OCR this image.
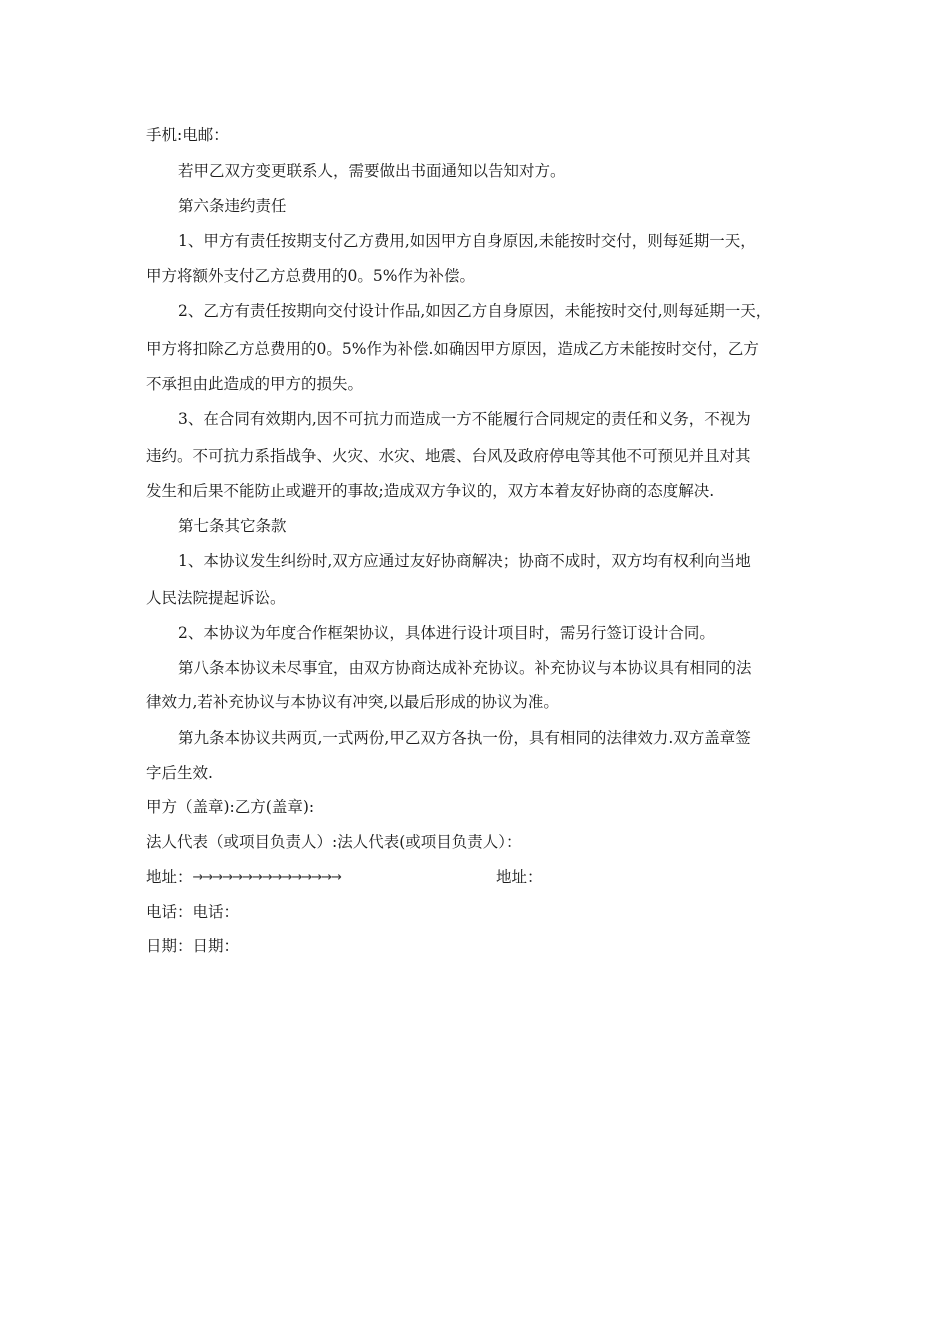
手机:电邮：
若甲乙双方变更联系人，需要做出书面通知以告知对方。
第六条违约责任
1、甲方有责任按期支付乙方费用,如因甲方自身原因,未能按时交付，则每延期一天，
甲方将额外支付乙方总费用的0。5%作为补偿。
2、乙方有责任按期向交付设计作品,如因乙方自身原因，未能按时交付,则每延期一天，
甲方将扣除乙方总费用的0。5%作为补偿.如确因甲方原因，造成乙方未能按时交付，乙方
不承担由此造成的甲方的损失。
3、在合同有效期内,因不可抗力而造成一方不能履行合同规定的责任和义务，不视为
违约。不可抗力系指战争、火灾、水灾、地震、台风及政府停电等其他不可预见并且对其
发生和后果不能防止或避开的事故;造成双方争议的，双方本着友好协商的态度解决.
第七条其它条款
1、本协议发生纠纷时,双方应通过友好协商解决；协商不成时，双方均有权利向当地
人民法院提起诉讼。
2、本协议为年度合作框架协议，具体进行设计项目时，需另行签订设计合同。
第八条本协议未尽事宜，由双方协商达成补充协议。补充协议与本协议具有相同的法
律效力,若补充协议与本协议有冲突,以最后形成的协议为准。
第九条本协议共两页,一式两份,甲乙双方各执一份，具有相同的法律效力.双方盖章签
字后生效.
甲方（盖章):乙方(盖章):
法人代表（或项目负责人）:法人代表(或项目负责人）：
地址：→→→→→→→→→→→→→→→	地址：
电话：电话：
日期：日期：
